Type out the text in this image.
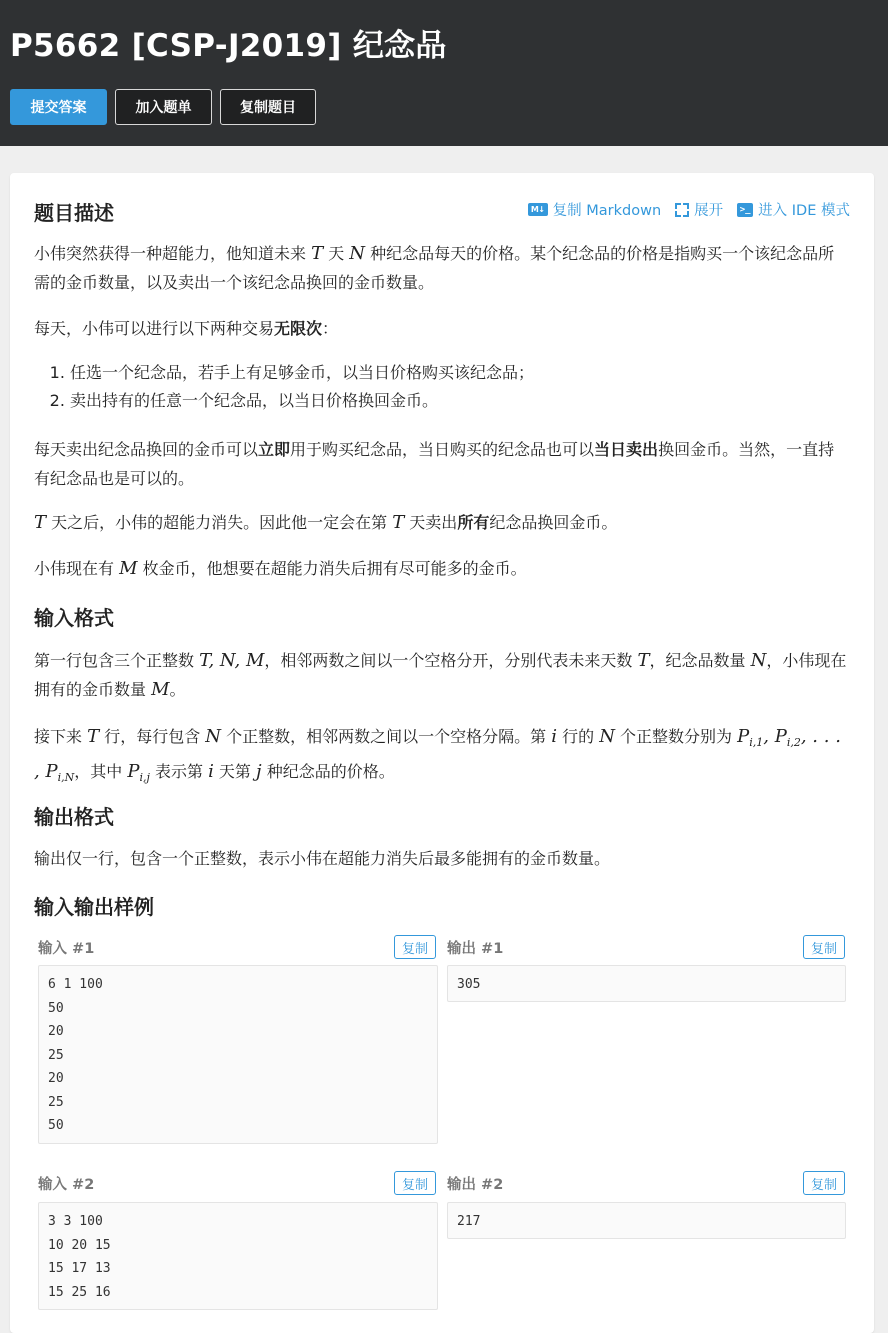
P5662 [CSP-J2019] 纪念品
提交答案	加入题单	复制题目
题目描述	M↓ 复制 Markdown 展开 >_ 进入 IDE 模式

小伟突然获得一种超能力，他知道未来 T 天 N 种纪念品每天的价格。某个纪念品的价格是指购买一个该纪念品所需的金币数量，以及卖出一个该纪念品换回的金币数量。

每天，小伟可以进行以下两种交易无限次：

1. 任选一个纪念品，若手上有足够金币，以当日价格购买该纪念品；
2. 卖出持有的任意一个纪念品，以当日价格换回金币。

每天卖出纪念品换回的金币可以立即用于购买纪念品，当日购买的纪念品也可以当日卖出换回金币。当然，一直持有纪念品也是可以的。

T 天之后，小伟的超能力消失。因此他一定会在第 T 天卖出所有纪念品换回金币。

小伟现在有 M 枚金币，他想要在超能力消失后拥有尽可能多的金币。

输入格式

第一行包含三个正整数 T, N, M，相邻两数之间以一个空格分开，分别代表未来天数 T，纪念品数量 N，小伟现在拥有的金币数量 M。

接下来 T 行，每行包含 N 个正整数，相邻两数之间以一个空格分隔。第 i 行的 N 个正整数分别为 $P_{i,1}$, $P_{i,2}$, . . . , $P_{i,N}$，其中 $P_{i,j}$ 表示第 i 天第 j 种纪念品的价格。

输出格式

输出仅一行，包含一个正整数，表示小伟在超能力消失后最多能拥有的金币数量。

输入输出样例
输入 #1	复制
6 1 100
50
20
25
20
25
50
输出 #1	复制
305
输入 #2	复制
3 3 100
10 20 15
15 17 13
15 25 16
输出 #2	复制
217
